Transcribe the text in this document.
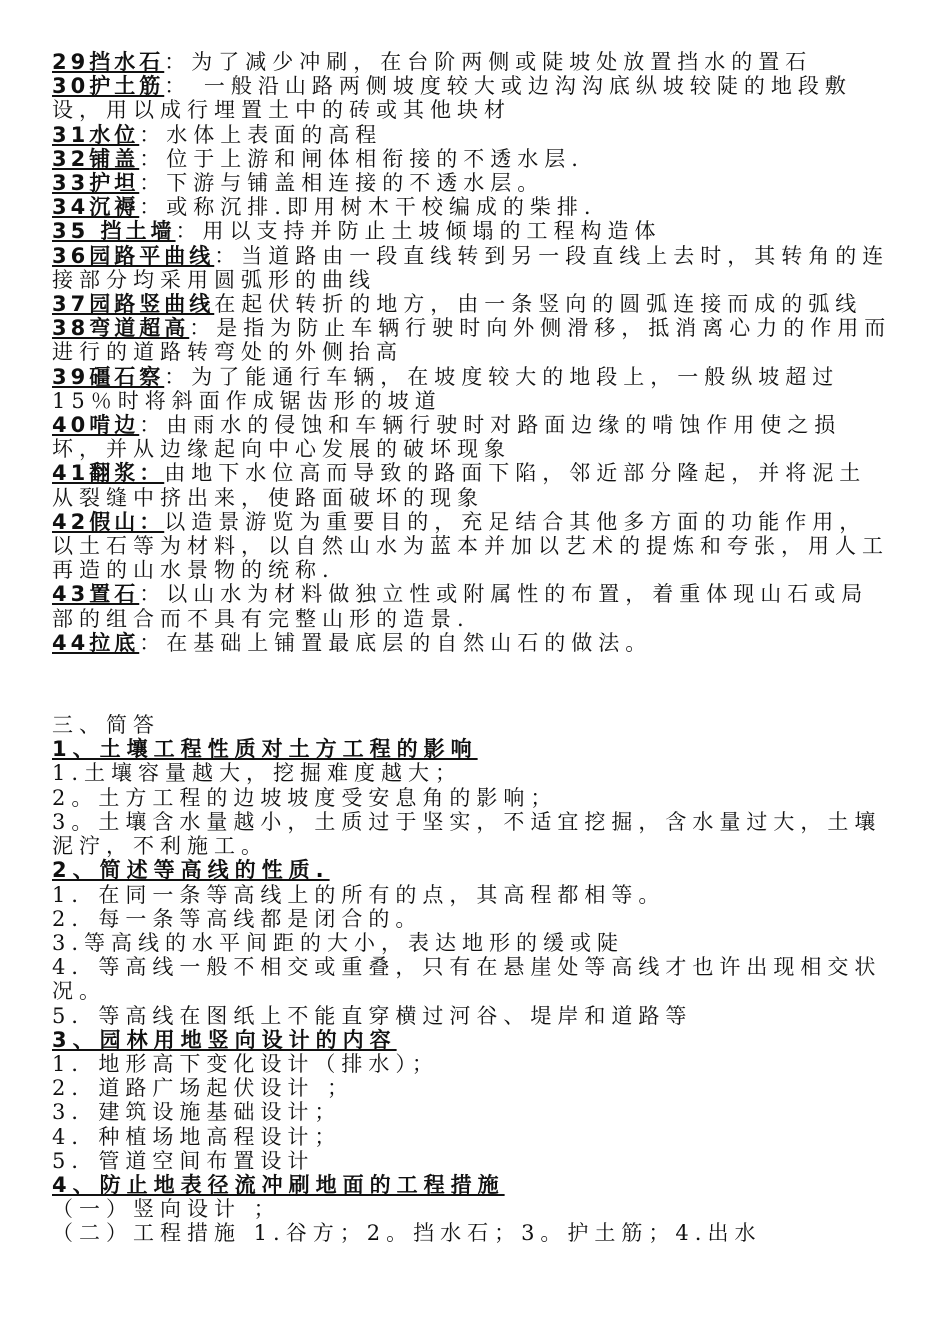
29挡水石：为了减少冲刷，在台阶两侧或陡坡处放置挡水的置石

30护土筋： 一般沿山路两侧坡度较大或边沟沟底纵坡较陡的地段敷设，用以成行埋置土中的砖或其他块材

31水位：水体上表面的高程

32铺盖：位于上游和闸体相衔接的不透水层.

33护坦：下游与铺盖相连接的不透水层。

34沉褥：或称沉排.即用树木干校编成的柴排.

35 挡土墙：用以支持并防止土坡倾塌的工程构造体

36园路平曲线：当道路由一段直线转到另一段直线上去时，其转角的连接部分均采用圆弧形的曲线

37园路竖曲线在起伏转折的地方，由一条竖向的圆弧连接而成的弧线

38弯道超高：是指为防止车辆行驶时向外侧滑移，抵消离心力的作用而进行的道路转弯处的外侧抬高

39礓石察：为了能通行车辆，在坡度较大的地段上，一般纵坡超过15％时将斜面作成锯齿形的坡道

40啃边：由雨水的侵蚀和车辆行驶时对路面边缘的啃蚀作用使之损坏，并从边缘起向中心发展的破坏现象

41翻浆：由地下水位高而导致的路面下陷，邻近部分隆起，并将泥土从裂缝中挤出来，使路面破坏的现象

42假山：以造景游览为重要目的，充足结合其他多方面的功能作用，以土石等为材料，以自然山水为蓝本并加以艺术的提炼和夸张，用人工再造的山水景物的统称.

43置石：以山水为材料做独立性或附属性的布置，着重体现山石或局部的组合而不具有完整山形的造景.

44拉底：在基础上铺置最底层的自然山石的做法。

三、简答

1、土壤工程性质对土方工程的影响

1.土壤容量越大，挖掘难度越大；

2。土方工程的边坡坡度受安息角的影响；

3。土壤含水量越小，土质过于坚实，不适宜挖掘，含水量过大，土壤泥泞，不利施工。

2、简述等高线的性质.

1．在同一条等高线上的所有的点，其高程都相等。

2．每一条等高线都是闭合的。

3.等高线的水平间距的大小，表达地形的缓或陡

4．等高线一般不相交或重叠，只有在悬崖处等高线才也许出现相交状况。

5．等高线在图纸上不能直穿横过河谷、堤岸和道路等

3、园林用地竖向设计的内容

1．地形高下变化设计（排水）；

2．道路广场起伏设计 ；

3．建筑设施基础设计；

4．种植场地高程设计；

5．管道空间布置设计

4、防止地表径流冲刷地面的工程措施

（一）竖向设计 ；

（二）工程措施 1.谷方；2。挡水石；3。护土筋；4.出水
